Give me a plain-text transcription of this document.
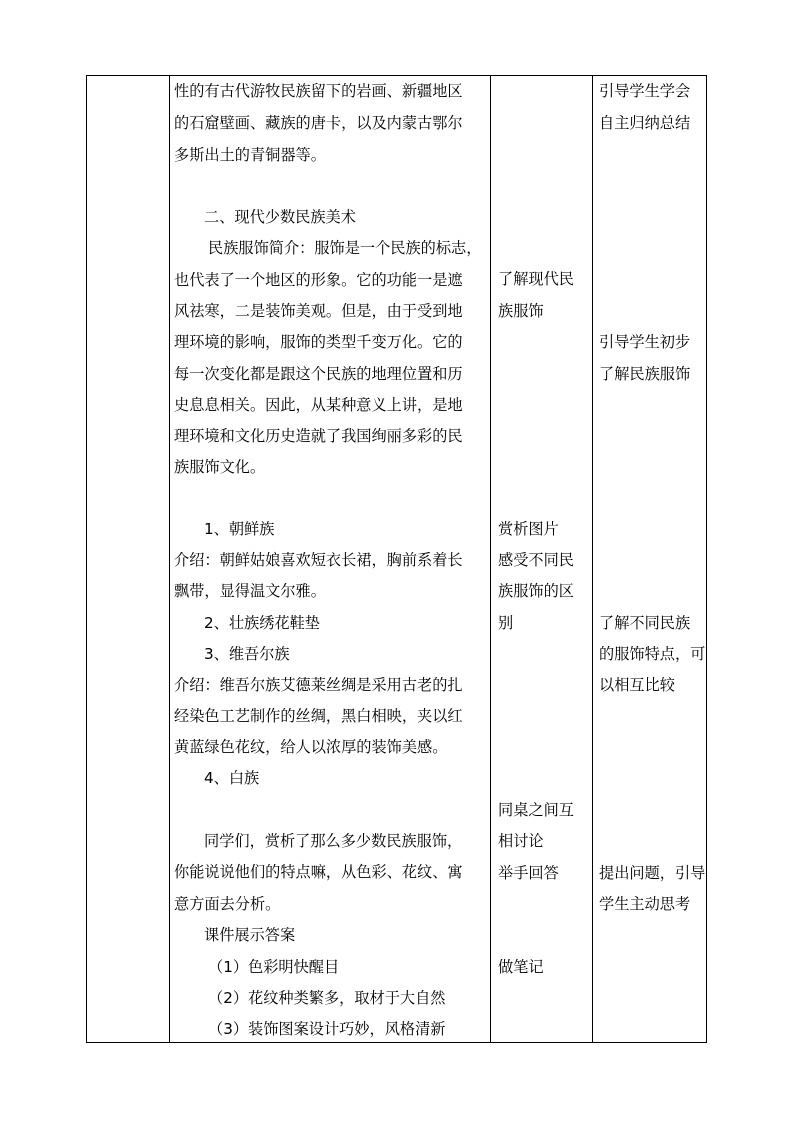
性的有古代游牧民族留下的岩画、新疆地区
的石窟壁画、藏族的唐卡，以及内蒙古鄂尔
多斯出土的青铜器等。
二、现代少数民族美术
民族服饰简介：服饰是一个民族的标志，
也代表了一个地区的形象。它的功能一是遮
风祛寒，二是装饰美观。但是，由于受到地
理环境的影响，服饰的类型千变万化。它的
每一次变化都是跟这个民族的地理位置和历
史息息相关。因此，从某种意义上讲，是地
理环境和文化历史造就了我国绚丽多彩的民
族服饰文化。
1、朝鲜族
介绍：朝鲜姑娘喜欢短衣长裙，胸前系着长
飘带，显得温文尔雅。
2、壮族绣花鞋垫
3、维吾尔族
介绍：维吾尔族艾德莱丝绸是采用古老的扎
经染色工艺制作的丝绸，黑白相映，夹以红
黄蓝绿色花纹，给人以浓厚的装饰美感。
4、白族
同学们，赏析了那么多少数民族服饰，
你能说说他们的特点嘛，从色彩、花纹、寓
意方面去分析。
课件展示答案
（1）色彩明快醒目
（2）花纹种类繁多，取材于大自然
（3）装饰图案设计巧妙，风格清新
了解现代民
族服饰
赏析图片
感受不同民
族服饰的区
别
同桌之间互
相讨论
举手回答
做笔记
引导学生学会
自主归纳总结
引导学生初步
了解民族服饰
了解不同民族
的服饰特点，可
以相互比较
提出问题，引导
学生主动思考
